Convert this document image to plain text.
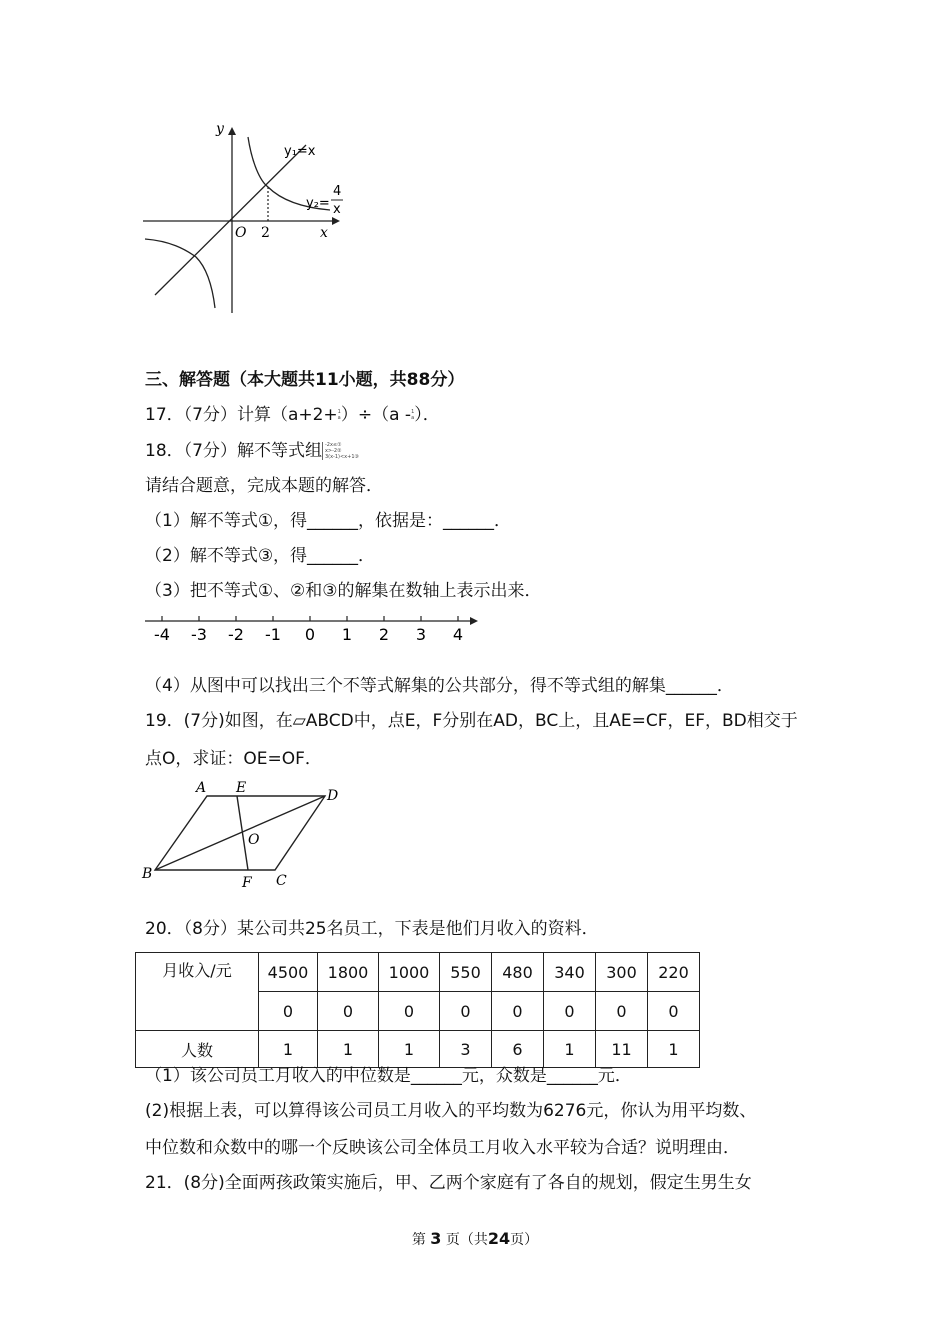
y
x
O 2
y₁=x
y₂=
4
x
三、解答题（本大题共11小题，共88分）
17．（7分）计算（a+2+1
a）÷（a -1
a）．
18．（7分）解不等式组 -2x≤①
x>-2②
3(x-1)<x+1③
请结合题意，完成本题的解答．
（1）解不等式①，得______，依据是：______．
（2）解不等式③，得______．
（3）把不等式①、②和③的解集在数轴上表示出来．
-4 -3 -2 -1 0 1 2 3 4
（4）从图中可以找出三个不等式解集的公共部分，得不等式组的解集______．
19．(7分)如图，在▱ABCD中，点E，F分别在AD，BC上，且AE=CF，EF，BD相交于
点O，求证：OE=OF．
A E	D
O
B
F C
20．（8分）某公司共25名员工，下表是他们月收入的资料．
月收入/元	4500	1800	1000	550	480	340	300	220
	0	0	0	0	0	0	0	0
人数	1	1	1	3	6	1	11	1
（1）该公司员工月收入的中位数是______元，众数是______元．
(2)根据上表，可以算得该公司员工月收入的平均数为6276元，你认为用平均数、
中位数和众数中的哪一个反映该公司全体员工月收入水平较为合适？说明理由．
21．(8分)全面两孩政策实施后，甲、乙两个家庭有了各自的规划，假定生男生女
第 3 页（共24页）
